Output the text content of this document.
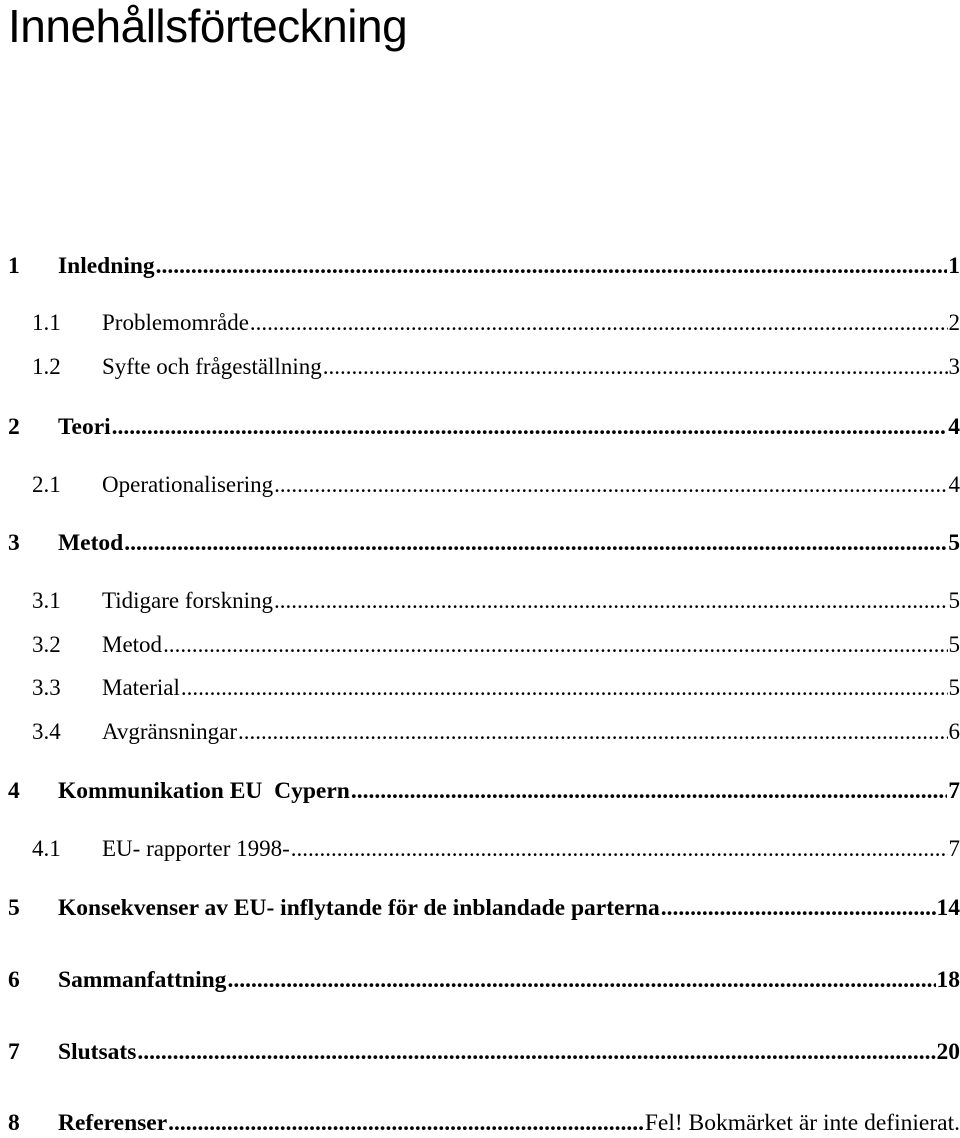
Innehållsförteckning
1	Inledning .....	1
1.1	Problemområde .....	2
1.2	Syfte och frågeställning .....	3
2	Teori .....	4
2.1	Operationalisering .....	4
3	Metod .....	5
3.1	Tidigare forskning .....	5
3.2	Metod .....	5
3.3	Material .....	5
3.4	Avgränsningar .....	6
4	Kommunikation EU  Cypern .....	7
4.1	EU- rapporter 1998- .....	7
5	Konsekvenser av EU- inflytande för de inblandade parterna .....	14
6	Sammanfattning .....	18
7	Slutsats .....	20
8	Referenser .....	Fel! Bokmärket är inte definierat.
